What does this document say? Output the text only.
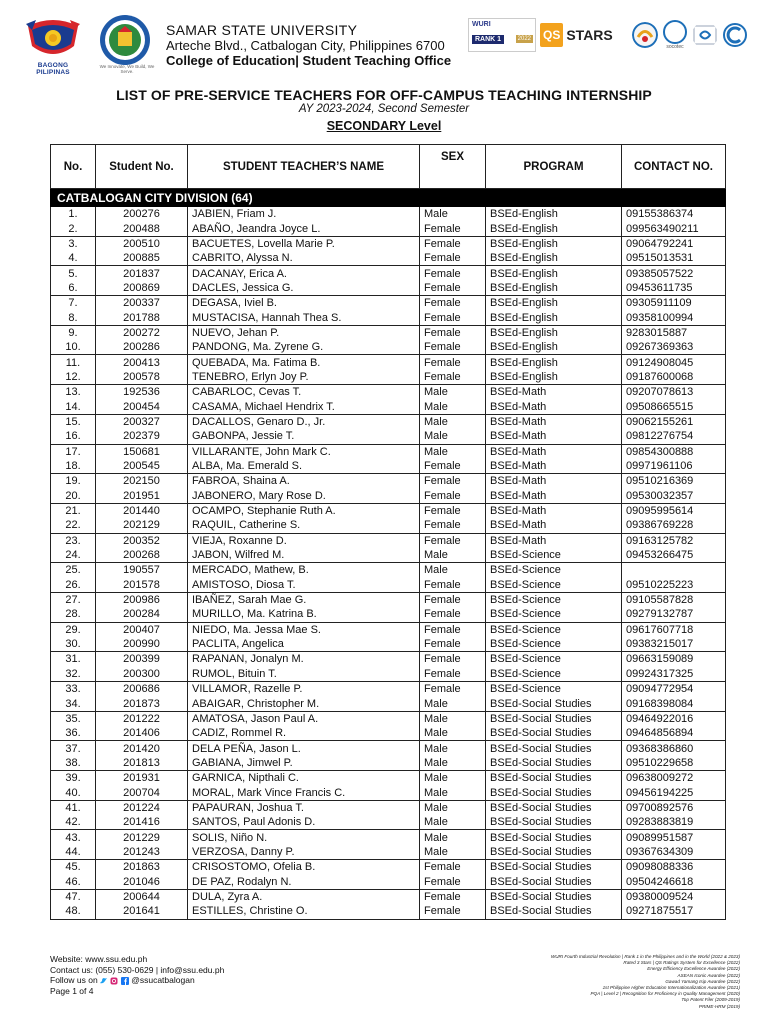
BAGONG PILIPINAS
We Innovate, We Build, We Serve.
SAMAR STATE UNIVERSITY
Arteche Blvd., Catbalogan City, Philippines 6700
College of Education| Student Teaching Office
WURI
RANK 1	2022 QS STARS
socotec
LIST OF PRE-SERVICE TEACHERS FOR OFF-CAMPUS TEACHING INTERNSHIP
AY 2023-2024, Second Semester
SECONDARY Level
No.	Student No.	STUDENT TEACHER’S NAME	SEX	PROGRAM	CONTACT NO.
CATBALOGAN CITY DIVISION (64)					
1.	200276	JABIEN, Friam J.	Male	BSEd-English	09155386374
2.	200488	ABAÑO, Jeandra Joyce L.	Female	BSEd-English	099563490211
3.	200510	BACUETES, Lovella Marie P.	Female	BSEd-English	09064792241
4.	200885	CABRITO, Alyssa N.	Female	BSEd-English	09515013531
5.	201837	DACANAY, Erica A.	Female	BSEd-English	09385057522
6.	200869	DACLES, Jessica G.	Female	BSEd-English	09453611735
7.	200337	DEGASA, Iviel B.	Female	BSEd-English	09305911109
8.	201788	MUSTACISA, Hannah Thea S.	Female	BSEd-English	09358100994
9.	200272	NUEVO, Jehan P.	Female	BSEd-English	9283015887
10.	200286	PANDONG, Ma. Zyrene G.	Female	BSEd-English	09267369363
11.	200413	QUEBADA, Ma. Fatima B.	Female	BSEd-English	09124908045
12.	200578	TENEBRO, Erlyn Joy P.	Female	BSEd-English	09187600068
13.	192536	CABARLOC, Cevas T.	Male	BSEd-Math	09207078613
14.	200454	CASAMA, Michael Hendrix T.	Male	BSEd-Math	09508665515
15.	200327	DACALLOS, Genaro D., Jr.	Male	BSEd-Math	09062155261
16.	202379	GABONPA, Jessie T.	Male	BSEd-Math	09812276754
17.	150681	VILLARANTE, John Mark C.	Male	BSEd-Math	09854300888
18.	200545	ALBA, Ma. Emerald S.	Female	BSEd-Math	09971961106
19.	202150	FABROA, Shaina A.	Female	BSEd-Math	09510216369
20.	201951	JABONERO, Mary Rose D.	Female	BSEd-Math	09530032357
21.	201440	OCAMPO, Stephanie Ruth A.	Female	BSEd-Math	09095995614
22.	202129	RAQUIL, Catherine S.	Female	BSEd-Math	09386769228
23.	200352	VIEJA, Roxanne D.	Female	BSEd-Math	09163125782
24.	200268	JABON, Wilfred M.	Male	BSEd-Science	09453266475
25.	190557	MERCADO, Mathew, B.	Male	BSEd-Science	
26.	201578	AMISTOSO, Diosa T.	Female	BSEd-Science	09510225223
27.	200986	IBAÑEZ, Sarah Mae G.	Female	BSEd-Science	09105587828
28.	200284	MURILLO, Ma. Katrina B.	Female	BSEd-Science	09279132787
29.	200407	NIEDO, Ma. Jessa Mae S.	Female	BSEd-Science	09617607718
30.	200990	PACLITA, Angelica	Female	BSEd-Science	09383215017
31.	200399	RAPANAN, Jonalyn M.	Female	BSEd-Science	09663159089
32.	200300	RUMOL, Bituin T.	Female	BSEd-Science	09924317325
33.	200686	VILLAMOR, Razelle P.	Female	BSEd-Science	09094772954
34.	201873	ABAIGAR, Christopher M.	Male	BSEd-Social Studies	09168398084
35.	201222	AMATOSA, Jason Paul A.	Male	BSEd-Social Studies	09464922016
36.	201406	CADIZ, Rommel R.	Male	BSEd-Social Studies	09464856894
37.	201420	DELA PEÑA, Jason L.	Male	BSEd-Social Studies	09368386860
38.	201813	GABIANA, Jimwel P.	Male	BSEd-Social Studies	09510229658
39.	201931	GARNICA, Nipthali C.	Male	BSEd-Social Studies	09638009272
40.	200704	MORAL, Mark Vince Francis C.	Male	BSEd-Social Studies	09456194225
41.	201224	PAPAURAN, Joshua T.	Male	BSEd-Social Studies	09700892576
42.	201416	SANTOS, Paul Adonis D.	Male	BSEd-Social Studies	09283883819
43.	201229	SOLIS, Niño N.	Male	BSEd-Social Studies	09089951587
44.	201243	VERZOSA, Danny P.	Male	BSEd-Social Studies	09367634309
45.	201863	CRISOSTOMO, Ofelia B.	Female	BSEd-Social Studies	09098088336
46.	201046	DE PAZ, Rodalyn N.	Female	BSEd-Social Studies	09504246618
47.	200644	DULA, Zyra A.	Female	BSEd-Social Studies	09380009524
48.	201641	ESTILLES, Christine O.	Female	BSEd-Social Studies	09271875517
Website: www.ssu.edu.ph
Contact us: (055) 530-0629 | info@ssu.edu.ph
Follow us on	@ssucatbalogan
Page 1 of 4
WURI Fourth Industrial Revolution | Rank 1 in the Philippines and in the World (2022 & 2023)
Rated 3 Stars | QS Ratings System for Excellence (2022)
Energy Efficiency Excellence Awardee (2022)
ASEAN Iconic Awardee (2022)
Gawad Yamang Isip Awardee (2022)
1st Philippine Higher Education Internationalization Awardee (2021)
PQA | Level 2 | Recognition for Proficiency in Quality Management (2020)
Top Patent Filer (2009-2019)
PRIME-HRM (2019)
